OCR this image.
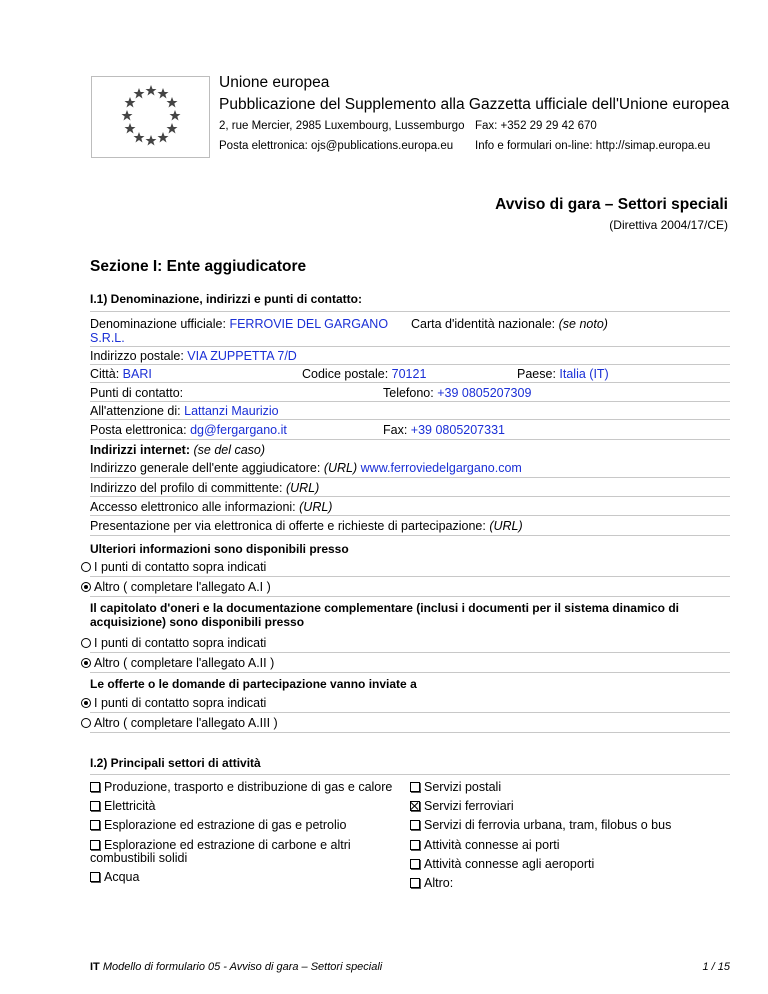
Unione europea
Pubblicazione del Supplemento alla Gazzetta ufficiale dell'Unione europea
2, rue Mercier, 2985 Luxembourg, Lussemburgo Fax: +352 29 29 42 670
Posta elettronica: ojs@publications.europa.eu Info e formulari on-line: http://simap.europa.eu
Avviso di gara – Settori speciali
(Direttiva 2004/17/CE)
Sezione I: Ente aggiudicatore
I.1) Denominazione, indirizzi e punti di contatto:
Denominazione ufficiale: FERROVIE DEL GARGANO
S.R.L.
Carta d'identità nazionale: (se noto)
Indirizzo postale: VIA ZUPPETTA 7/D
Città: BARI	Codice postale: 70121	Paese: Italia (IT)
Punti di contatto:	Telefono: +39 0805207309
All'attenzione di: Lattanzi Maurizio
Posta elettronica: dg@fergargano.it	Fax: +39 0805207331
Indirizzi internet: (se del caso)
Indirizzo generale dell'ente aggiudicatore: (URL) www.ferroviedelgargano.com
Indirizzo del profilo di committente: (URL)
Accesso elettronico alle informazioni: (URL)
Presentazione per via elettronica di offerte e richieste di partecipazione: (URL)
Ulteriori informazioni sono disponibili presso
I punti di contatto sopra indicati
Altro ( completare l'allegato A.I )
Il capitolato d'oneri e la documentazione complementare (inclusi i documenti per il sistema dinamico di
acquisizione) sono disponibili presso
I punti di contatto sopra indicati
Altro ( completare l'allegato A.II )
Le offerte o le domande di partecipazione vanno inviate a
I punti di contatto sopra indicati
Altro ( completare l'allegato A.III )
I.2) Principali settori di attività
Produzione, trasporto e distribuzione di gas e calore
Elettricità
Esplorazione ed estrazione di gas e petrolio
Esplorazione ed estrazione di carbone e altri
combustibili solidi
Acqua
Servizi postali
Servizi ferroviari
Servizi di ferrovia urbana, tram, filobus o bus
Attività connesse ai porti
Attività connesse agli aeroporti
Altro:
IT Modello di formulario 05 - Avviso di gara – Settori speciali	1 / 15
